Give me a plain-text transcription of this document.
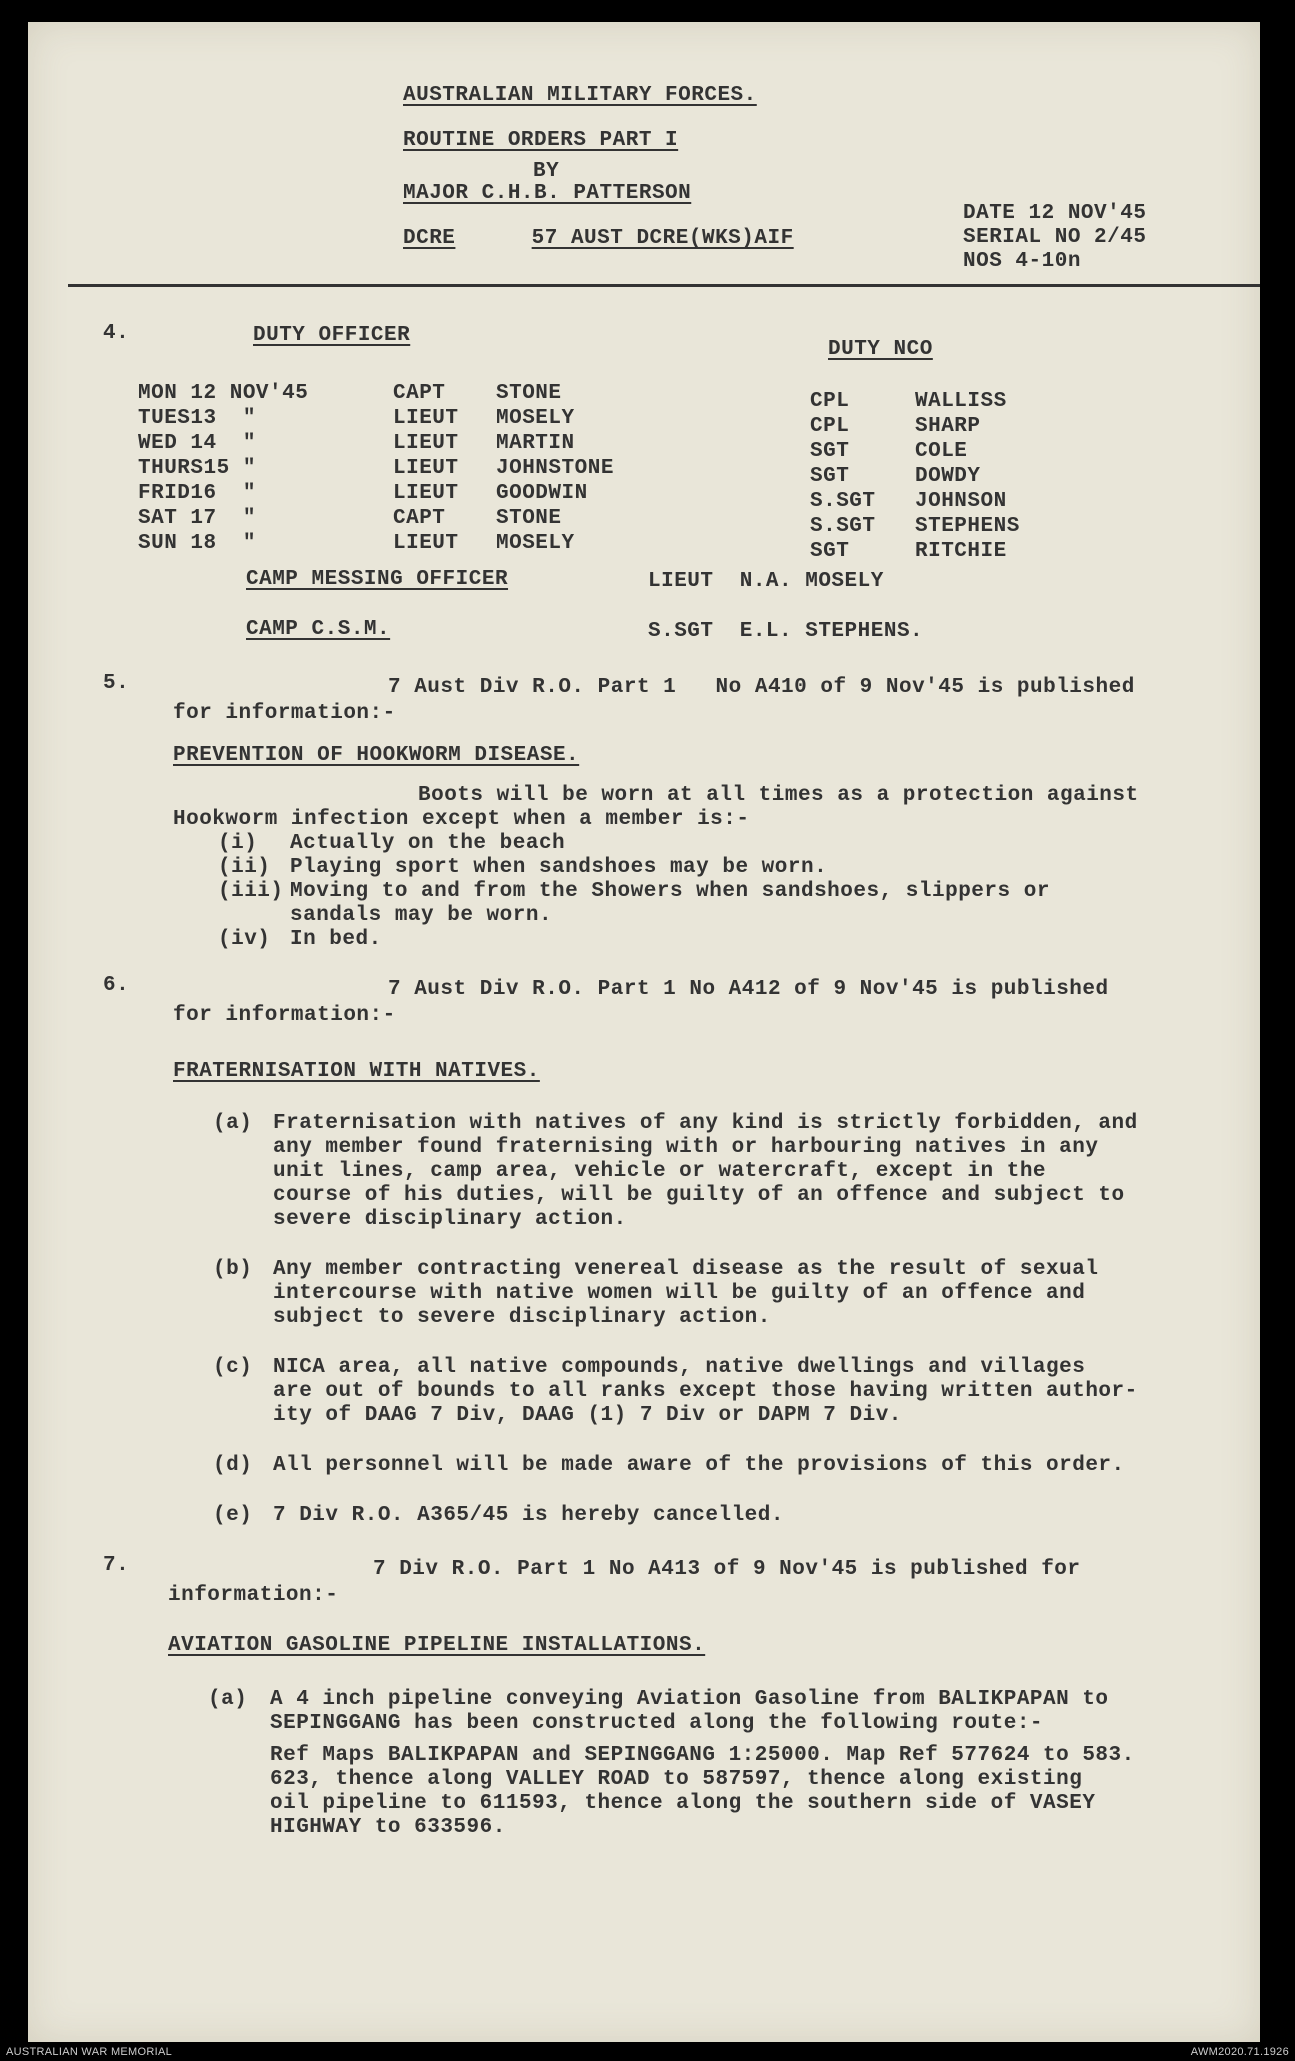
AUSTRALIAN MILITARY FORCES.
ROUTINE ORDERS PART I
BY
MAJOR C.H.B. PATTERSON
DCRE	57 AUST DCRE(WKS)AIF
DATE 12 NOV'45
SERIAL NO 2/45
NOS 4-10n
4.	DUTY OFFICER
DUTY NCO
MON 12 NOV'45	CAPT STONE	CPL	WALLISS
TUES13  "	LIEUT MOSELY	CPL	SHARP
WED 14  "	LIEUT MARTIN	SGT	COLE
THURS15 "	LIEUT JOHNSTONE	SGT	DOWDY
FRID16  "	LIEUT GOODWIN	S.SGT JOHNSON
SAT 17  "	CAPT STONE	S.SGT STEPHENS
SUN 18  "	LIEUT MOSELY	SGT	RITCHIE
CAMP MESSING OFFICER	LIEUT  N.A. MOSELY
CAMP C.S.M.	S.SGT  E.L. STEPHENS.
5.	7 Aust Div R.O. Part 1   No A410 of 9 Nov'45 is published
for information:-
PREVENTION OF HOOKWORM DISEASE.
Boots will be worn at all times as a protection against
Hookworm infection except when a member is:-
(i) Actually on the beach
(ii) Playing sport when sandshoes may be worn.
(iii) Moving to and from the Showers when sandshoes, slippers or
sandals may be worn.
(iv) In bed.
6.	7 Aust Div R.O. Part 1 No A412 of 9 Nov'45 is published
for information:-
FRATERNISATION WITH NATIVES.
(a) Fraternisation with natives of any kind is strictly forbidden, and
any member found fraternising with or harbouring natives in any
unit lines, camp area, vehicle or watercraft, except in the
course of his duties, will be guilty of an offence and subject to
severe disciplinary action.
(b) Any member contracting venereal disease as the result of sexual
intercourse with native women will be guilty of an offence and
subject to severe disciplinary action.
(c) NICA area, all native compounds, native dwellings and villages
are out of bounds to all ranks except those having written author-
ity of DAAG 7 Div, DAAG (1) 7 Div or DAPM 7 Div.
(d) All personnel will be made aware of the provisions of this order.
(e) 7 Div R.O. A365/45 is hereby cancelled.
7.	7 Div R.O. Part 1 No A413 of 9 Nov'45 is published for
information:-
AVIATION GASOLINE PIPELINE INSTALLATIONS.
(a) A 4 inch pipeline conveying Aviation Gasoline from BALIKPAPAN to
SEPINGGANG has been constructed along the following route:-
Ref Maps BALIKPAPAN and SEPINGGANG 1:25000. Map Ref 577624 to 583.
623, thence along VALLEY ROAD to 587597, thence along existing
oil pipeline to 611593, thence along the southern side of VASEY
HIGHWAY to 633596.
AUSTRALIAN WAR MEMORIAL	AWM2020.71.1926
